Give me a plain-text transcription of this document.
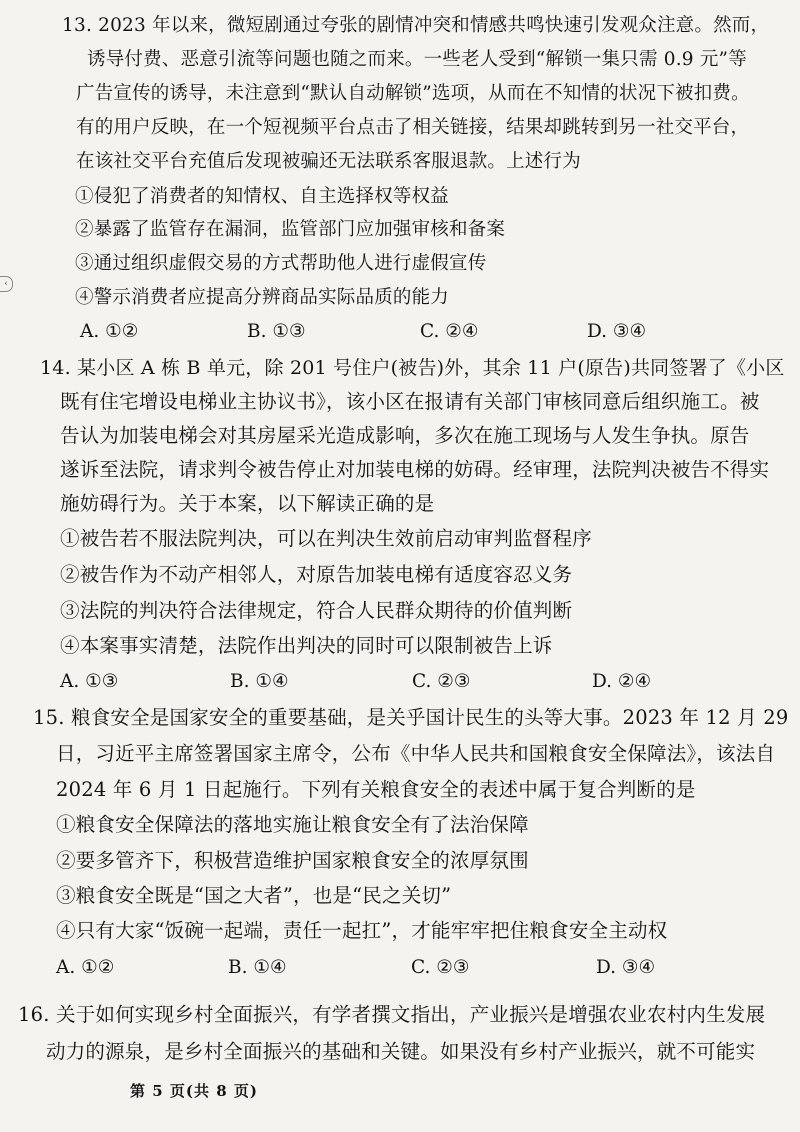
‹
13. 2023 年以来，微短剧通过夸张的剧情冲突和情感共鸣快速引发观众注意。然而，
诱导付费、恶意引流等问题也随之而来。一些老人受到“解锁一集只需 0.9 元”等
广告宣传的诱导，未注意到“默认自动解锁”选项，从而在不知情的状况下被扣费。
有的用户反映，在一个短视频平台点击了相关链接，结果却跳转到另一社交平台，
在该社交平台充值后发现被骗还无法联系客服退款。上述行为
①侵犯了消费者的知情权、自主选择权等权益
②暴露了监管存在漏洞，监管部门应加强审核和备案
③通过组织虚假交易的方式帮助他人进行虚假宣传
④警示消费者应提高分辨商品实际品质的能力
A. ①②	B. ①③	C. ②④	D. ③④
14. 某小区 A 栋 B 单元，除 201 号住户(被告)外，其余 11 户(原告)共同签署了《小区
既有住宅增设电梯业主协议书》，该小区在报请有关部门审核同意后组织施工。被
告认为加装电梯会对其房屋采光造成影响，多次在施工现场与人发生争执。原告
遂诉至法院，请求判令被告停止对加装电梯的妨碍。经审理，法院判决被告不得实
施妨碍行为。关于本案，以下解读正确的是
①被告若不服法院判决，可以在判决生效前启动审判监督程序
②被告作为不动产相邻人，对原告加装电梯有适度容忍义务
③法院的判决符合法律规定，符合人民群众期待的价值判断
④本案事实清楚，法院作出判决的同时可以限制被告上诉
A. ①③	B. ①④	C. ②③	D. ②④
15. 粮食安全是国家安全的重要基础，是关乎国计民生的头等大事。2023 年 12 月 29
日，习近平主席签署国家主席令，公布《中华人民共和国粮食安全保障法》，该法自
2024 年 6 月 1 日起施行。下列有关粮食安全的表述中属于复合判断的是
①粮食安全保障法的落地实施让粮食安全有了法治保障
②要多管齐下，积极营造维护国家粮食安全的浓厚氛围
③粮食安全既是“国之大者”，也是“民之关切”
④只有大家“饭碗一起端，责任一起扛”，才能牢牢把住粮食安全主动权
A. ①②	B. ①④	C. ②③	D. ③④
16. 关于如何实现乡村全面振兴，有学者撰文指出，产业振兴是增强农业农村内生发展
动力的源泉，是乡村全面振兴的基础和关键。如果没有乡村产业振兴，就不可能实
第 5 页(共 8 页)
